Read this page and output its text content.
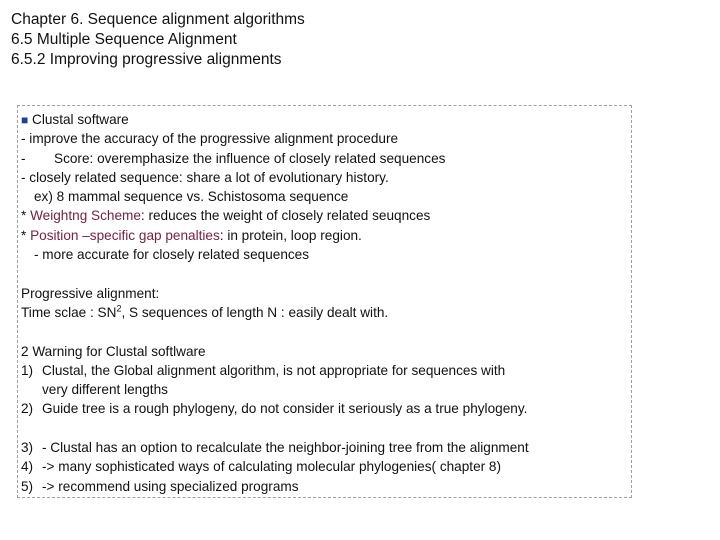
Chapter 6. Sequence alignment algorithms
6.5 Multiple Sequence Alignment
6.5.2 Improving progressive alignments
■ Clustal software
- improve the accuracy of the progressive alignment procedure
- Score: overemphasize the influence of closely related sequences
- closely related sequence: share a lot of evolutionary history.
ex) 8 mammal sequence vs. Schistosoma sequence
* Weightng Scheme: reduces the weight of closely related seuqnces
* Position –specific gap penalties: in protein, loop region.
- more accurate for closely related sequences
Progressive alignment:
Time sclae : $SN^2$, S sequences of length N : easily dealt with.
2 Warning for Clustal softlware
1) Clustal, the Global alignment algorithm, is not appropriate for sequences with
very different lengths
2) Guide tree is a rough phylogeny, do not consider it seriously as a true phylogeny.
3) - Clustal has an option to recalculate the neighbor-joining tree from the alignment
4) -> many sophisticated ways of calculating molecular phylogenies( chapter 8)
5) -> recommend using specialized programs
